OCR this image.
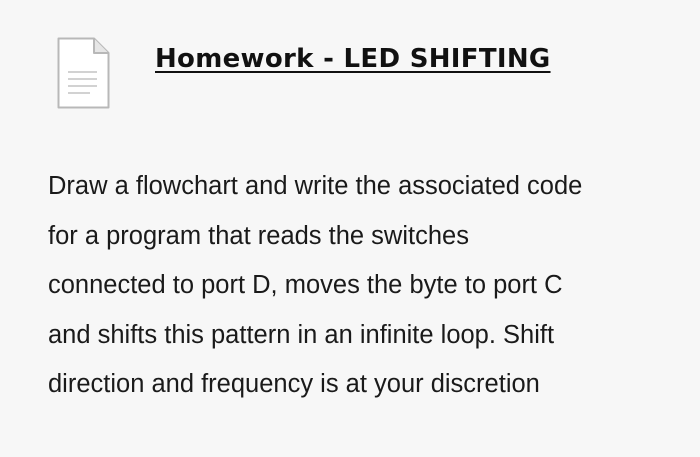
Homework - LED SHIFTING

Draw a flowchart and write the associated code
for a program that reads the switches
connected to port D, moves the byte to port C
and shifts this pattern in an infinite loop. Shift
direction and frequency is at your discretion
